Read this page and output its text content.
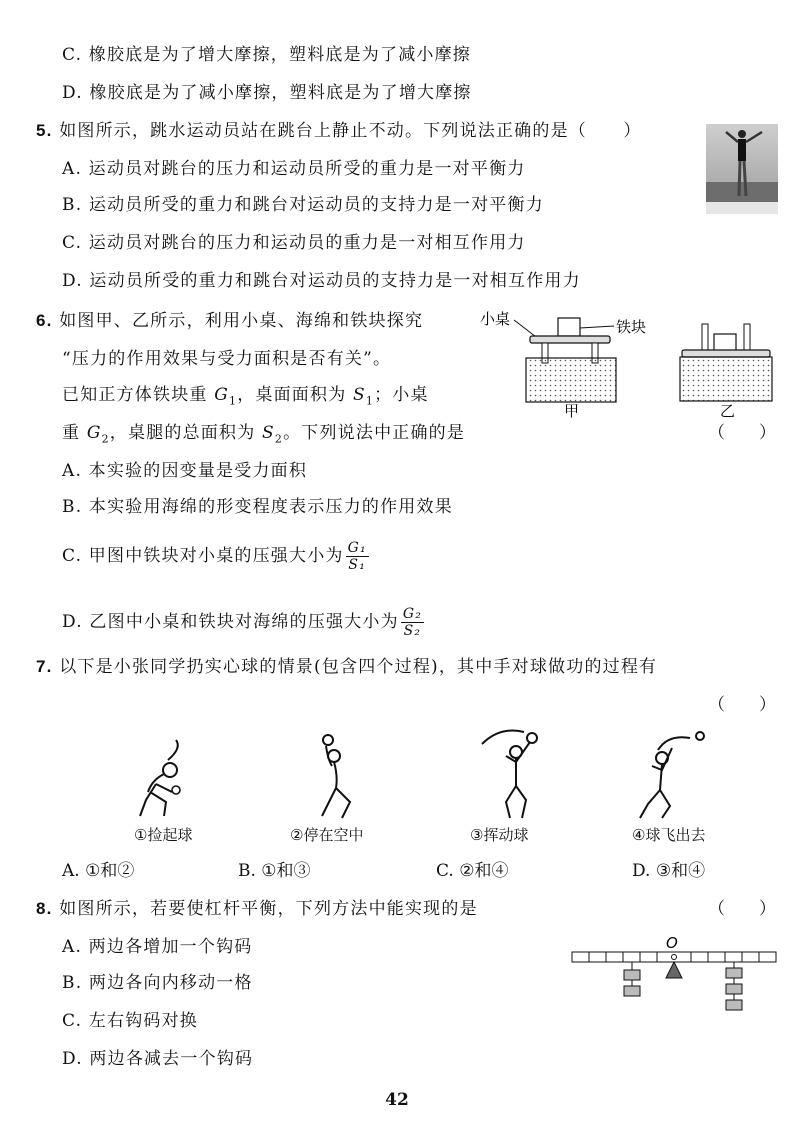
C. 橡胶底是为了增大摩擦，塑料底是为了减小摩擦
D. 橡胶底是为了减小摩擦，塑料底是为了增大摩擦
5. 如图所示，跳水运动员站在跳台上静止不动。下列说法正确的是（　　）
A. 运动员对跳台的压力和运动员所受的重力是一对平衡力
B. 运动员所受的重力和跳台对运动员的支持力是一对平衡力
C. 运动员对跳台的压力和运动员的重力是一对相互作用力
D. 运动员所受的重力和跳台对运动员的支持力是一对相互作用力
6. 如图甲、乙所示，利用小桌、海绵和铁块探究
“压力的作用效果与受力面积是否有关”。
已知正方体铁块重 $G_1$，桌面面积为 $S_1$；小桌
重 $G_2$，桌腿的总面积为 $S_2$。下列说法中正确的是	（　　）
A. 本实验的因变量是受力面积
B. 本实验用海绵的形变程度表示压力的作用效果
C. 甲图中铁块对小桌的压强大小为 $\frac{\text{G₁}}{\text{S₁}}$
D. 乙图中小桌和铁块对海绵的压强大小为 $\frac{\text{G₂}}{\text{S₂}}$
小桌	铁块
甲	乙
7. 以下是小张同学扔实心球的情景(包含四个过程)，其中手对球做功的过程有
（　　）
①捡起球	②停在空中	③挥动球	④球飞出去
A. ①和②	B. ①和③	C. ②和④	D. ③和④
8. 如图所示，若要使杠杆平衡，下列方法中能实现的是	（　　）
A. 两边各增加一个钩码
B. 两边各向内移动一格
C. 左右钩码对换
D. 两边各减去一个钩码
O
42
